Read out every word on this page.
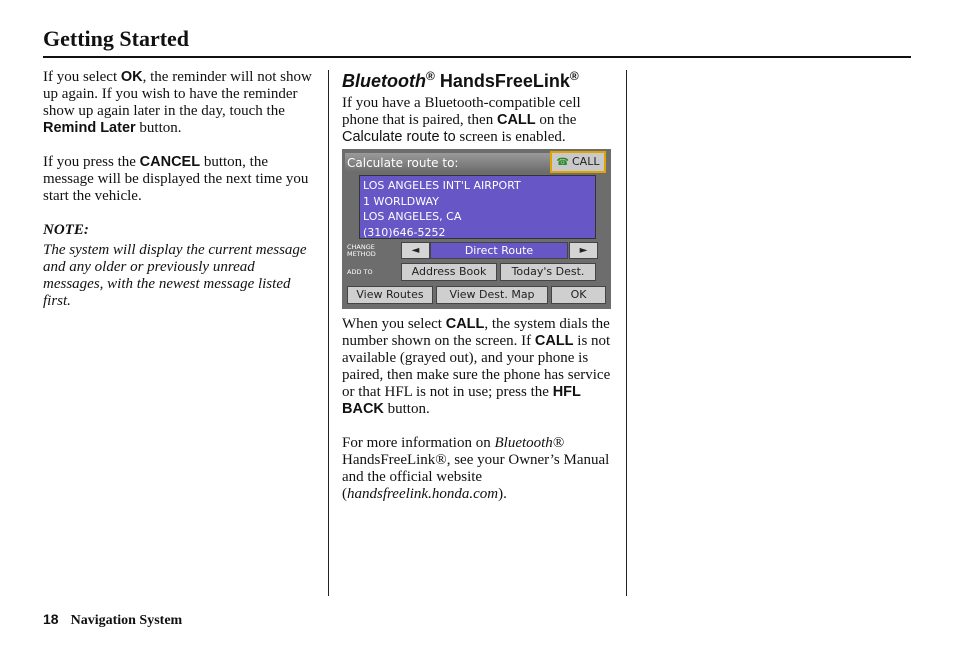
Getting Started

If you select OK, the reminder will not show up again. If you wish to have the reminder show up again later in the day, touch the Remind Later button.

If you press the CANCEL button, the message will be displayed the next time you start the vehicle.

NOTE:

The system will display the current message and any older or previously unread messages, with the newest message listed first.

Bluetooth® HandsFreeLink®

If you have a Bluetooth-compatible cell phone that is paired, then CALL on the Calculate route to screen is enabled.

When you select CALL, the system dials the number shown on the screen. If CALL is not available (grayed out), and your phone is paired, then make sure the phone has service or that HFL is not in use; press the HFL BACK button.

For more information on Bluetooth® HandsFreeLink®, see your Owner’s Manual and the official website (handsfreelink.honda.com).

Calculate route to:	☎ CALL
LOS ANGELES INT'L AIRPORT
1 WORLDWAY
LOS ANGELES, CA
(310)646-5252
CHANGE
METHOD	◄	Direct Route	►
ADD TO	Address Book	Today's Dest.
View Routes	View Dest. Map	OK
18 Navigation System
